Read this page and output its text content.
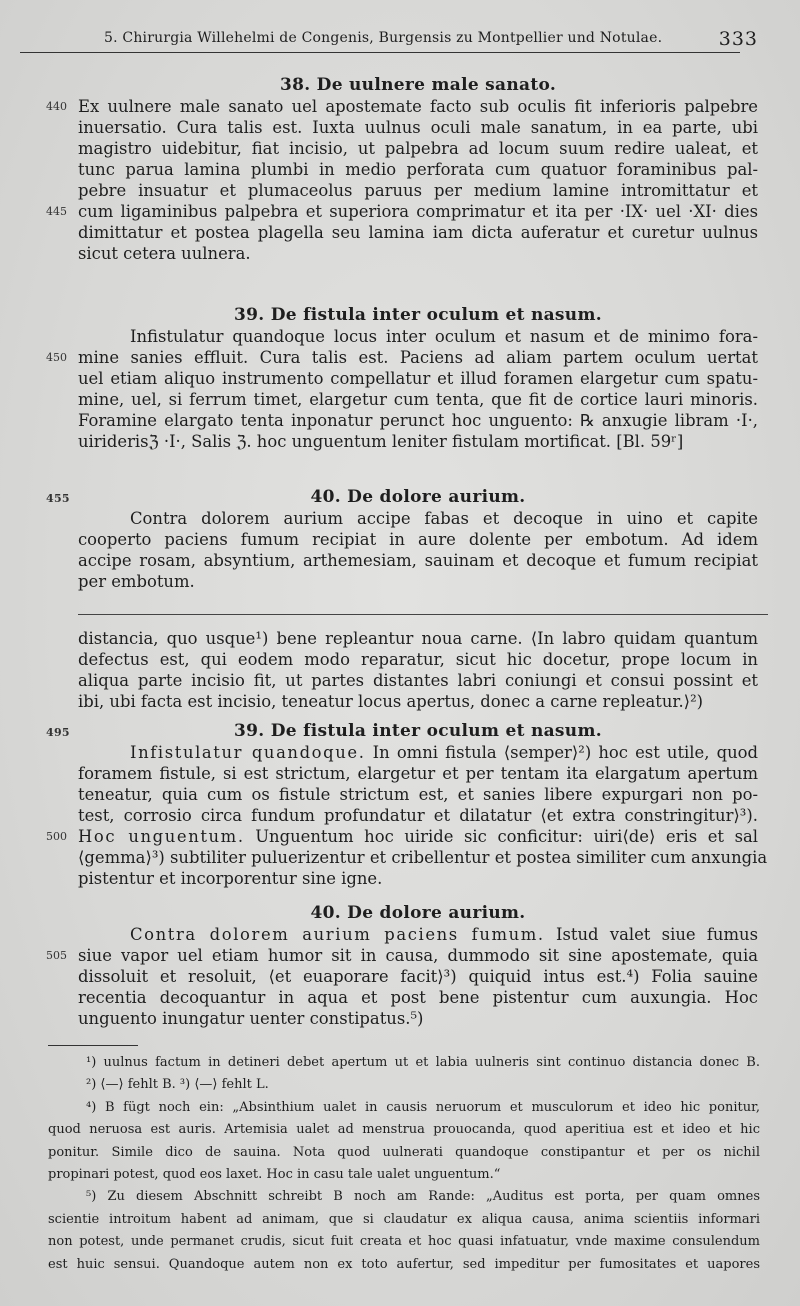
5. Chirurgia Willehelmi de Congenis, Burgensis zu Montpellier und Notulae.	333
38. De uulnere male sanato.
440 Ex uulnere male sanato uel apostemate facto sub oculis fit inferioris palpebre
inuersatio. Cura talis est. Iuxta uulnus oculi male sanatum, in ea parte, ubi
magistro uidebitur, fiat incisio, ut palpebra ad locum suum redire ualeat, et
tunc parua lamina plumbi in medio perforata cum quatuor foraminibus pal-
pebre insuatur et plumaceolus paruus per medium lamine intromittatur et
445 cum ligaminibus palpebra et superiora comprimatur et ita per ·IX· uel ·XI· dies
dimittatur et postea plagella seu lamina iam dicta auferatur et curetur uulnus
sicut cetera uulnera.
39. De fistula inter oculum et nasum.
Infistulatur quandoque locus inter oculum et nasum et de minimo fora-
450 mine sanies effluit. Cura talis est. Paciens ad aliam partem oculum uertat
uel etiam aliquo instrumento compellatur et illud foramen elargetur cum spatu-
mine, uel, si ferrum timet, elargetur cum tenta, que fit de cortice lauri minoris.
Foramine elargato tenta inponatur perunct hoc unguento: ℞ anxugie libram ·I·,
uiriderisℨ ·I·, Salis ℨ. hoc unguentum leniter fistulam mortificat. [Bl. 59ʳ]
455	40. De dolore aurium.
Contra dolorem aurium accipe fabas et decoque in uino et capite
cooperto paciens fumum recipiat in aure dolente per embotum. Ad idem
accipe rosam, absyntium, arthemesiam, sauinam et decoque et fumum recipiat
per embotum.
distancia, quo usque¹) bene repleantur noua carne. ⟨In labro quidam quantum
defectus est, qui eodem modo reparatur, sicut hic docetur, prope locum in
aliqua parte incisio fit, ut partes distantes labri coniungi et consui possint et
ibi, ubi facta est incisio, teneatur locus apertus, donec a carne repleatur.⟩²)
495	39. De fistula inter oculum et nasum.
Infistulatur quandoque. In omni fistula ⟨semper⟩²) hoc est utile, quod
foramem fistule, si est strictum, elargetur et per tentam ita elargatum apertum
teneatur, quia cum os fistule strictum est, et sanies libere expurgari non po-
test, corrosio circa fundum profundatur et dilatatur ⟨et extra constringitur⟩³).
500 Hoc unguentum. Unguentum hoc uiride sic conficitur: uiri⟨de⟩ eris et sal
⟨gemma⟩³) subtiliter puluerizentur et cribellentur et postea similiter cum anxungia
pistentur et incorporentur sine igne.
40. De dolore aurium.
Contra dolorem aurium paciens fumum. Istud valet siue fumus
505 siue vapor uel etiam humor sit in causa, dummodo sit sine apostemate, quia
dissoluit et resoluit, ⟨et euaporare facit⟩³) quiquid intus est.⁴) Folia sauine
recentia decoquantur in aqua et post bene pistentur cum auxungia. Hoc
unguento inungatur uenter constipatus.⁵)
¹) uulnus factum in detineri debet apertum ut et labia uulneris sint continuo distancia donec B.
²) ⟨—⟩ fehlt B. ³) ⟨—⟩ fehlt L.
⁴) B fügt noch ein: „Absinthium ualet in causis neruorum et musculorum et ideo hic ponitur,
quod neruosa est auris. Artemisia ualet ad menstrua prouocanda, quod aperitiua est et ideo et hic
ponitur. Simile dico de sauina. Nota quod uulnerati quandoque constipantur et per os nichil
propinari potest, quod eos laxet. Hoc in casu tale ualet unguentum.“
⁵) Zu diesem Abschnitt schreibt B noch am Rande: „Auditus est porta, per quam omnes
scientie introitum habent ad animam, que si claudatur ex aliqua causa, anima scientiis informari
non potest, unde permanet crudis, sicut fuit creata et hoc quasi infatuatur, vnde maxime consulendum
est huic sensui. Quandoque autem non ex toto aufertur, sed impeditur per fumositates et uapores
